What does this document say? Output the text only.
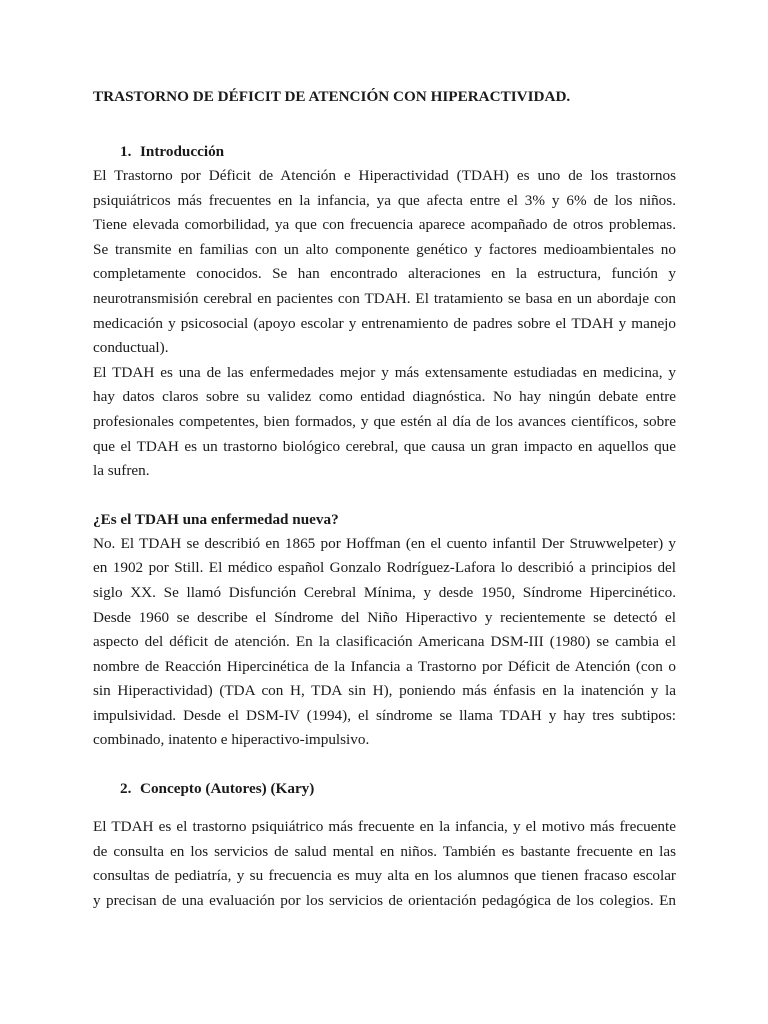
TRASTORNO DE DÉFICIT DE ATENCIÓN CON HIPERACTIVIDAD.

1. Introducción

El Trastorno por Déficit de Atención e Hiperactividad (TDAH) es uno de los trastornos
psiquiátricos más frecuentes en la infancia, ya que afecta entre el 3% y 6% de los niños.
Tiene elevada comorbilidad, ya que con frecuencia aparece acompañado de otros problemas.
Se transmite en familias con un alto componente genético y factores medioambientales no
completamente conocidos. Se han encontrado alteraciones en la estructura, función y
neurotransmisión cerebral en pacientes con TDAH. El tratamiento se basa en un abordaje con
medicación y psicosocial (apoyo escolar y entrenamiento de padres sobre el TDAH y manejo
conductual).
El TDAH es una de las enfermedades mejor y más extensamente estudiadas en medicina, y
hay datos claros sobre su validez como entidad diagnóstica. No hay ningún debate entre
profesionales competentes, bien formados, y que estén al día de los avances científicos, sobre
que el TDAH es un trastorno biológico cerebral, que causa un gran impacto en aquellos que
la sufren.

¿Es el TDAH una enfermedad nueva?

No. El TDAH se describió en 1865 por Hoffman (en el cuento infantil Der Struwwelpeter) y
en 1902 por Still. El médico español Gonzalo Rodríguez-Lafora lo describió a principios del
siglo XX. Se llamó Disfunción Cerebral Mínima, y desde 1950, Síndrome Hipercinético.
Desde 1960 se describe el Síndrome del Niño Hiperactivo y recientemente se detectó el
aspecto del déficit de atención. En la clasificación Americana DSM-III (1980) se cambia el
nombre de Reacción Hipercinética de la Infancia a Trastorno por Déficit de Atención (con o
sin Hiperactividad) (TDA con H, TDA sin H), poniendo más énfasis en la inatención y la
impulsividad. Desde el DSM-IV (1994), el síndrome se llama TDAH y hay tres subtipos:
combinado, inatento e hiperactivo-impulsivo.

2. Concepto (Autores) (Kary)

El TDAH es el trastorno psiquiátrico más frecuente en la infancia, y el motivo más frecuente
de consulta en los servicios de salud mental en niños. También es bastante frecuente en las
consultas de pediatría, y su frecuencia es muy alta en los alumnos que tienen fracaso escolar
y precisan de una evaluación por los servicios de orientación pedagógica de los colegios. En
